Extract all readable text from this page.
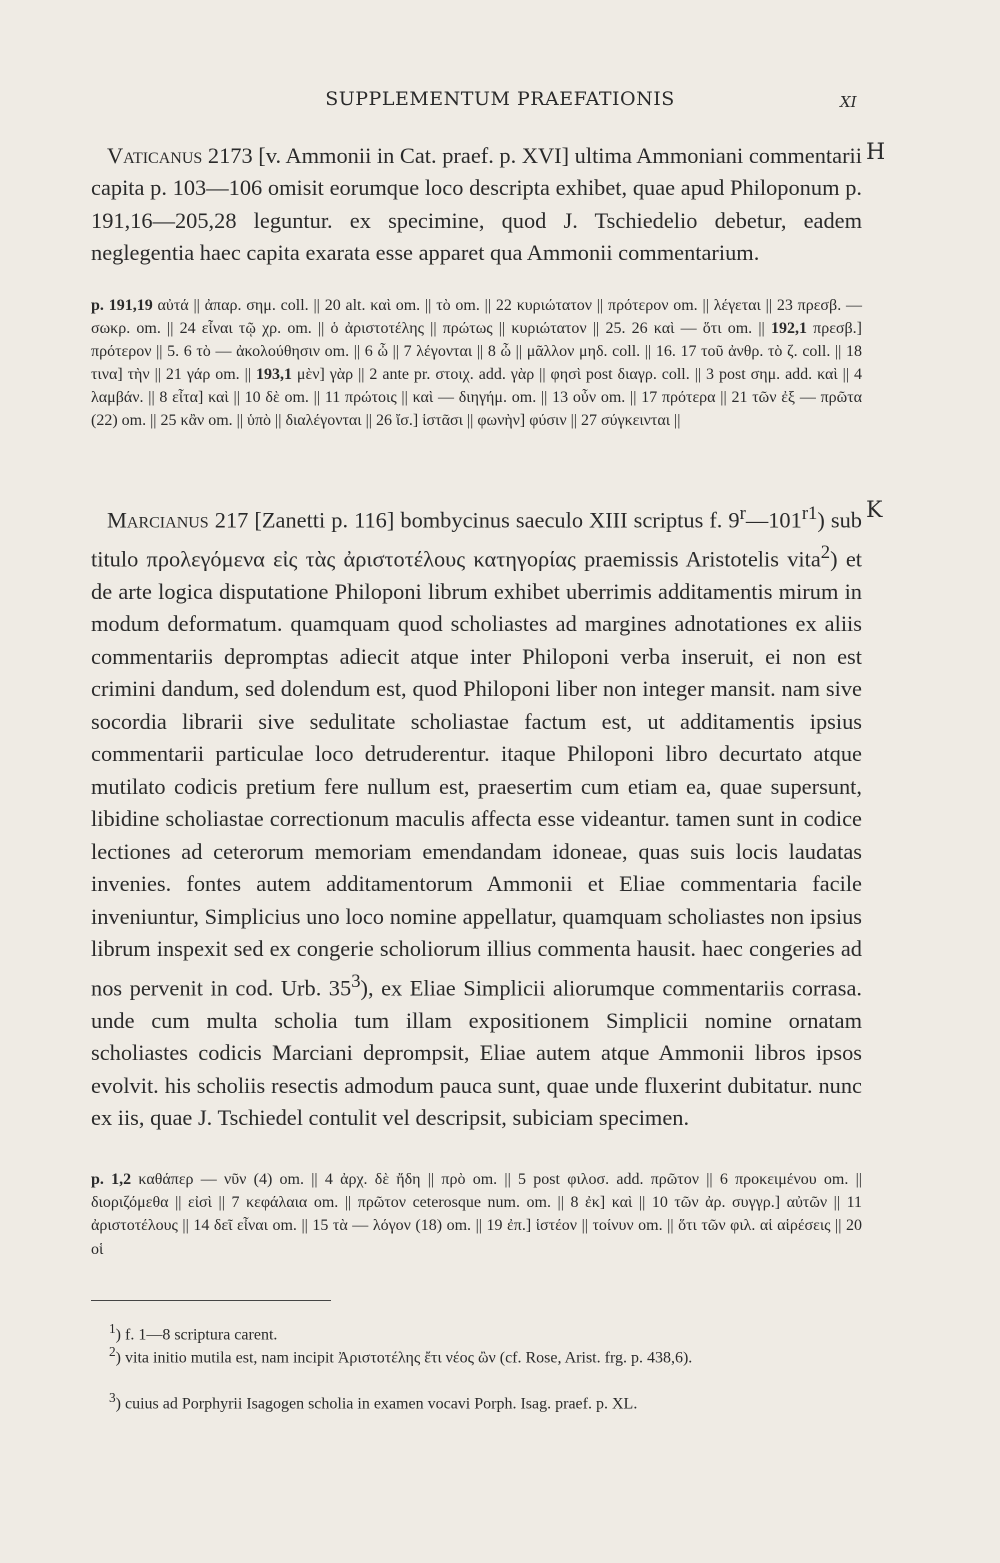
SUPPLEMENTUM PRAEFATIONIS	XI
H
K
Vaticanus 2173 [v. Ammonii in Cat. praef. p. XVI] ultima Ammoniani commentarii capita p. 103—106 omisit eorumque loco descripta exhibet, quae apud Philoponum p. 191,16—205,28 leguntur. ex specimine, quod J. Tschiedelio debetur, eadem neglegentia haec capita exarata esse apparet qua Ammonii commentarium.
p. 191,19 αὐτά || ἀπαρ. σημ. coll. || 20 alt. καὶ om. || τὸ om. || 22 κυριώτατον || πρότερον om. || λέγεται || 23 πρεσβ. — σωκρ. om. || 24 εἶναι τῷ χρ. om. || ὁ ἀριστοτέλης || πρώτως || κυριώτατον || 25. 26 καὶ — ὅτι om. || 192,1 πρεσβ.] πρότερον || 5. 6 τὸ — ἀκολούθησιν om. || 6 ὦ || 7 λέγονται || 8 ὦ || μᾶλλον μηδ. coll. || 16. 17 τοῦ ἀνθρ. τὸ ζ. coll. || 18 τινα] τὴν || 21 γάρ om. || 193,1 μὲν] γὰρ || 2 ante pr. στοιχ. add. γὰρ || φησὶ post διαγρ. coll. || 3 post σημ. add. καὶ || 4 λαμβάν. || 8 εἶτα] καὶ || 10 δὲ om. || 11 πρώτοις || καὶ — διηγήμ. om. || 13 οὖν om. || 17 πρότερα || 21 τῶν ἐξ — πρῶτα (22) om. || 25 κἂν om. || ὑπὸ || διαλέγονται || 26 ἴσ.] ἱστᾶσι || φωνὴν] φύσιν || 27 σύγκεινται ||
Marcianus 217 [Zanetti p. 116] bombycinus saeculo XIII scriptus f. $9^r—101^{r1}$) sub titulo προλεγόμενα εἰς τὰς ἀριστοτέλους κατηγορίας praemissis Aristotelis vita$^2$) et de arte logica disputatione Philoponi librum exhibet uberrimis additamentis mirum in modum deformatum. quamquam quod scholiastes ad margines adnotationes ex aliis commentariis depromptas adiecit atque inter Philoponi verba inseruit, ei non est crimini dandum, sed dolendum est, quod Philoponi liber non integer mansit. nam sive socordia librarii sive sedulitate scholiastae factum est, ut additamentis ipsius commentarii particulae loco detruderentur. itaque Philoponi libro decurtato atque mutilato codicis pretium fere nullum est, praesertim cum etiam ea, quae supersunt, libidine scholiastae correctionum maculis affecta esse videantur. tamen sunt in codice lectiones ad ceterorum memoriam emendandam idoneae, quas suis locis laudatas invenies. fontes autem additamentorum Ammonii et Eliae commentaria facile inveniuntur, Simplicius uno loco nomine appellatur, quamquam scholiastes non ipsius librum inspexit sed ex congerie scholiorum illius commenta hausit. haec congeries ad nos pervenit in cod. Urb. $35^3$), ex Eliae Simplicii aliorumque commentariis corrasa. unde cum multa scholia tum illam expositionem Simplicii nomine ornatam scholiastes codicis Marciani deprompsit, Eliae autem atque Ammonii libros ipsos evolvit. his scholiis resectis admodum pauca sunt, quae unde fluxerint dubitatur. nunc ex iis, quae J. Tschiedel contulit vel descripsit, subiciam specimen.
p. 1,2 καθάπερ — νῦν (4) om. || 4 ἀρχ. δὲ ἤδη || πρὸ om. || 5 post φιλοσ. add. πρῶτον || 6 προκειμένου om. || διοριζόμεθα || εἰσὶ || 7 κεφάλαια om. || πρῶτον ceterosque num. om. || 8 ἐκ] καὶ || 10 τῶν ἀρ. συγγρ.] αὐτῶν || 11 ἀριστοτέλους || 14 δεῖ εἶναι om. || 15 τὰ — λόγον (18) om. || 19 ἐπ.] ἱστέον || τοίνυν om. || ὅτι τῶν φιλ. αἱ αἱρέσεις || 20 οἱ
$^1$) f. 1—8 scriptura carent.
$^2$) vita initio mutila est, nam incipit Ἀριστοτέλης ἔτι νέος ὢν (cf. Rose, Arist. frg. p. 438,6).
$^3$) cuius ad Porphyrii Isagogen scholia in examen vocavi Porph. Isag. praef. p. XL.
